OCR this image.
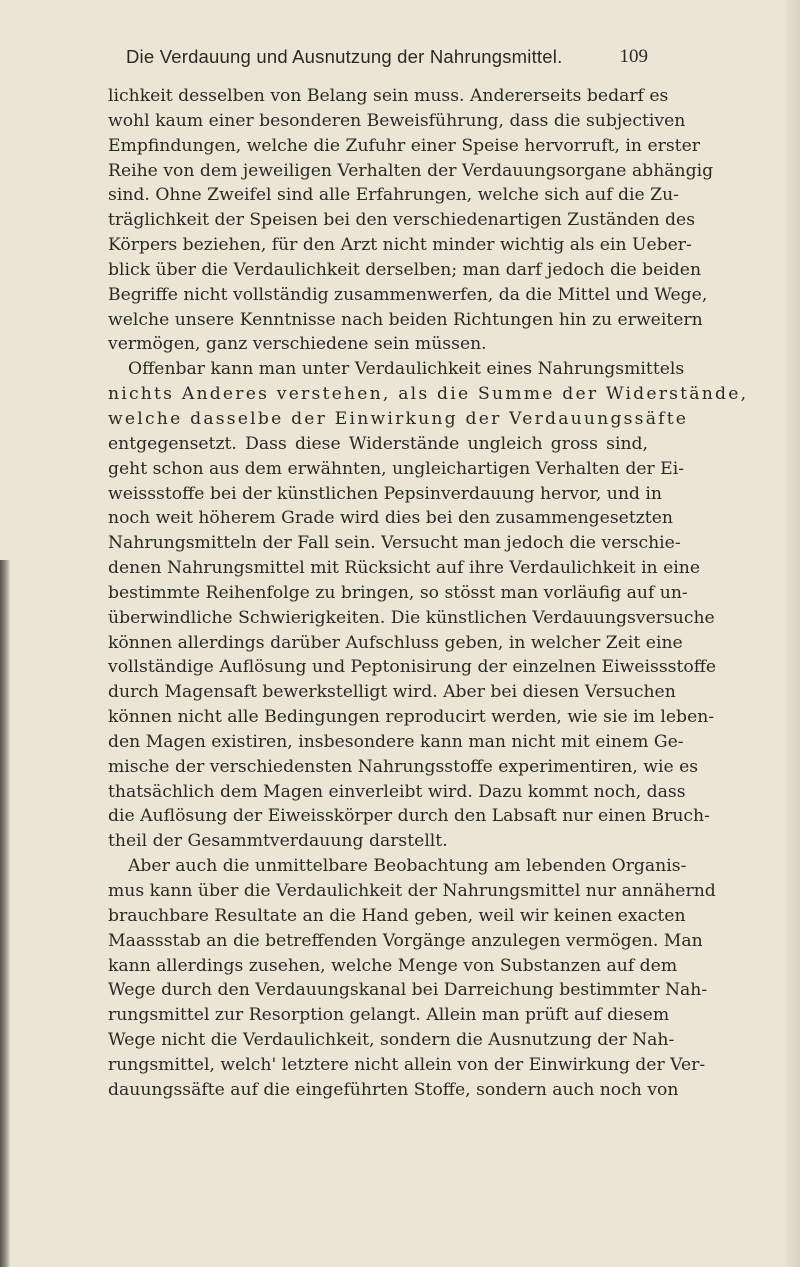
Die Verdauung und Ausnutzung der Nahrungsmittel.	109
lichkeit desselben von Belang sein muss. Andererseits bedarf es
wohl kaum einer besonderen Beweisführung, dass die subjectiven
Empfindungen, welche die Zufuhr einer Speise hervorruft, in erster
Reihe von dem jeweiligen Verhalten der Verdauungsorgane abhängig
sind. Ohne Zweifel sind alle Erfahrungen, welche sich auf die Zu-
träglichkeit der Speisen bei den verschiedenartigen Zuständen des
Körpers beziehen, für den Arzt nicht minder wichtig als ein Ueber-
blick über die Verdaulichkeit derselben; man darf jedoch die beiden
Begriffe nicht vollständig zusammenwerfen, da die Mittel und Wege,
welche unsere Kenntnisse nach beiden Richtungen hin zu erweitern
vermögen, ganz verschiedene sein müssen.
Offenbar kann man unter Verdaulichkeit eines Nahrungsmittels
nichts Anderes verstehen, als die Summe der Widerstände,
welche dasselbe der Einwirkung der Verdauungssäfte
entgegensetzt. Dass diese Widerstände ungleich gross sind,
geht schon aus dem erwähnten, ungleichartigen Verhalten der Ei-
weissstoffe bei der künstlichen Pepsinverdauung hervor, und in
noch weit höherem Grade wird dies bei den zusammengesetzten
Nahrungsmitteln der Fall sein. Versucht man jedoch die verschie-
denen Nahrungsmittel mit Rücksicht auf ihre Verdaulichkeit in eine
bestimmte Reihenfolge zu bringen, so stösst man vorläufig auf un-
überwindliche Schwierigkeiten. Die künstlichen Verdauungsversuche
können allerdings darüber Aufschluss geben, in welcher Zeit eine
vollständige Auflösung und Peptonisirung der einzelnen Eiweissstoffe
durch Magensaft bewerkstelligt wird. Aber bei diesen Versuchen
können nicht alle Bedingungen reproducirt werden, wie sie im leben-
den Magen existiren, insbesondere kann man nicht mit einem Ge-
mische der verschiedensten Nahrungsstoffe experimentiren, wie es
thatsächlich dem Magen einverleibt wird. Dazu kommt noch, dass
die Auflösung der Eiweisskörper durch den Labsaft nur einen Bruch-
theil der Gesammtverdauung darstellt.
Aber auch die unmittelbare Beobachtung am lebenden Organis-
mus kann über die Verdaulichkeit der Nahrungsmittel nur annähernd
brauchbare Resultate an die Hand geben, weil wir keinen exacten
Maassstab an die betreffenden Vorgänge anzulegen vermögen. Man
kann allerdings zusehen, welche Menge von Substanzen auf dem
Wege durch den Verdauungskanal bei Darreichung bestimmter Nah-
rungsmittel zur Resorption gelangt. Allein man prüft auf diesem
Wege nicht die Verdaulichkeit, sondern die Ausnutzung der Nah-
rungsmittel, welch' letztere nicht allein von der Einwirkung der Ver-
dauungssäfte auf die eingeführten Stoffe, sondern auch noch von
